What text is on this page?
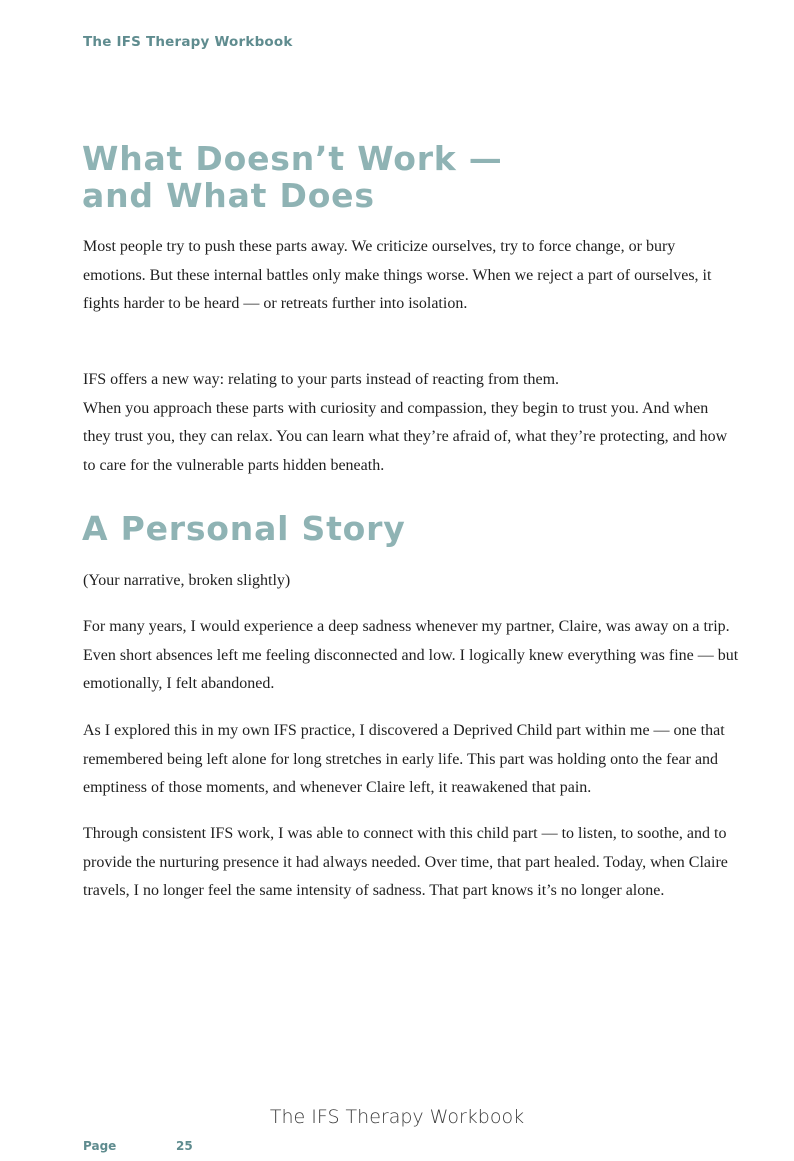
The IFS Therapy Workbook
What Doesn’t Work —
and What Does
Most people try to push these parts away. We criticize ourselves, try to force change, or bury
emotions. But these internal battles only make things worse. When we reject a part of ourselves, it
fights harder to be heard — or retreats further into isolation.
IFS offers a new way: relating to your parts instead of reacting from them.
When you approach these parts with curiosity and compassion, they begin to trust you. And when
they trust you, they can relax. You can learn what they’re afraid of, what they’re protecting, and how
to care for the vulnerable parts hidden beneath.
A Personal Story
(Your narrative, broken slightly)
For many years, I would experience a deep sadness whenever my partner, Claire, was away on a trip.
Even short absences left me feeling disconnected and low. I logically knew everything was fine — but
emotionally, I felt abandoned.
As I explored this in my own IFS practice, I discovered a Deprived Child part within me — one that
remembered being left alone for long stretches in early life. This part was holding onto the fear and
emptiness of those moments, and whenever Claire left, it reawakened that pain.
Through consistent IFS work, I was able to connect with this child part — to listen, to soothe, and to
provide the nurturing presence it had always needed. Over time, that part healed. Today, when Claire
travels, I no longer feel the same intensity of sadness. That part knows it’s no longer alone.
The IFS Therapy Workbook
Page	25
